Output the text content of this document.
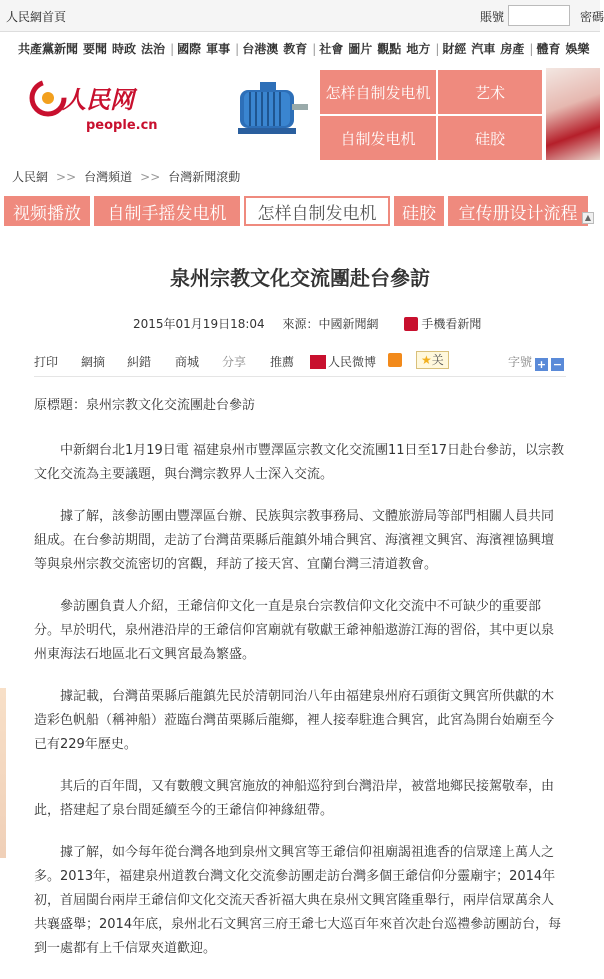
人民網首頁	賬號	密碼
共產黨新聞 要聞 時政 法治 | 國際 軍事 | 台港澳 教育 | 社會 圖片 觀點 地方 | 財經 汽車 房產 | 體育 娛樂
人民网
people.cn
怎样自制发电机	艺术
自制发电机	硅胶
人民網 >> 台灣頻道 >> 台灣新聞滾動
视频播放	自制手摇发电机	怎样自制发电机	硅胶	宣传册设计流程 ▲
泉州宗教文化交流團赴台參訪
2015年01月19日18:04 來源：中國新聞網	手機看新聞
打印 網摘 糾錯 商城 分享 推薦	人民微博	★关	字號 + −

原標題：泉州宗教文化交流團赴台參訪

中新網台北1月19日電 福建泉州市豐澤區宗教文化交流團11日至17日赴台參訪，以宗教文化交流為主要議題，與台灣宗教界人士深入交流。

據了解，該參訪團由豐澤區台辦、民族與宗教事務局、文體旅游局等部門相關人員共同組成。在台參訪期間，走訪了台灣苗栗縣后龍鎮外埔合興宮、海濱裡文興宮、海濱裡協興壇等與泉州宗教交流密切的宮觀，拜訪了接天宮、宜蘭台灣三清道教會。

參訪團負責人介紹，王爺信仰文化一直是泉台宗教信仰文化交流中不可缺少的重要部分。早於明代，泉州港沿岸的王爺信仰宮廟就有敬獻王爺神船遨游江海的習俗，其中更以泉州東海法石地區北石文興宮最為繁盛。

據記載，台灣苗栗縣后龍鎮先民於清朝同治八年由福建泉州府石頭街文興宮所供獻的木造彩色帆船（稱神船）蒞臨台灣苗栗縣后龍鄉，裡人接奉駐進合興宮，此宮為開台始廟至今已有229年歷史。

其后的百年間，又有數艘文興宮施放的神船巡狩到台灣沿岸，被當地鄉民接駕敬奉，由此，搭建起了泉台間延續至今的王爺信仰神緣紐帶。

據了解，如今每年從台灣各地到泉州文興宮等王爺信仰祖廟謁祖進香的信眾達上萬人之多。2013年，福建泉州道教台灣文化交流參訪團走訪台灣多個王爺信仰分靈廟宇；2014年初，首屆閩台兩岸王爺信仰文化交流天香祈福大典在泉州文興宮隆重舉行，兩岸信眾萬余人共襄盛舉；2014年底，泉州北石文興宮三府王爺七大巡百年來首次赴台巡禮參訪團訪台，每到一處都有上千信眾夾道歡迎。
